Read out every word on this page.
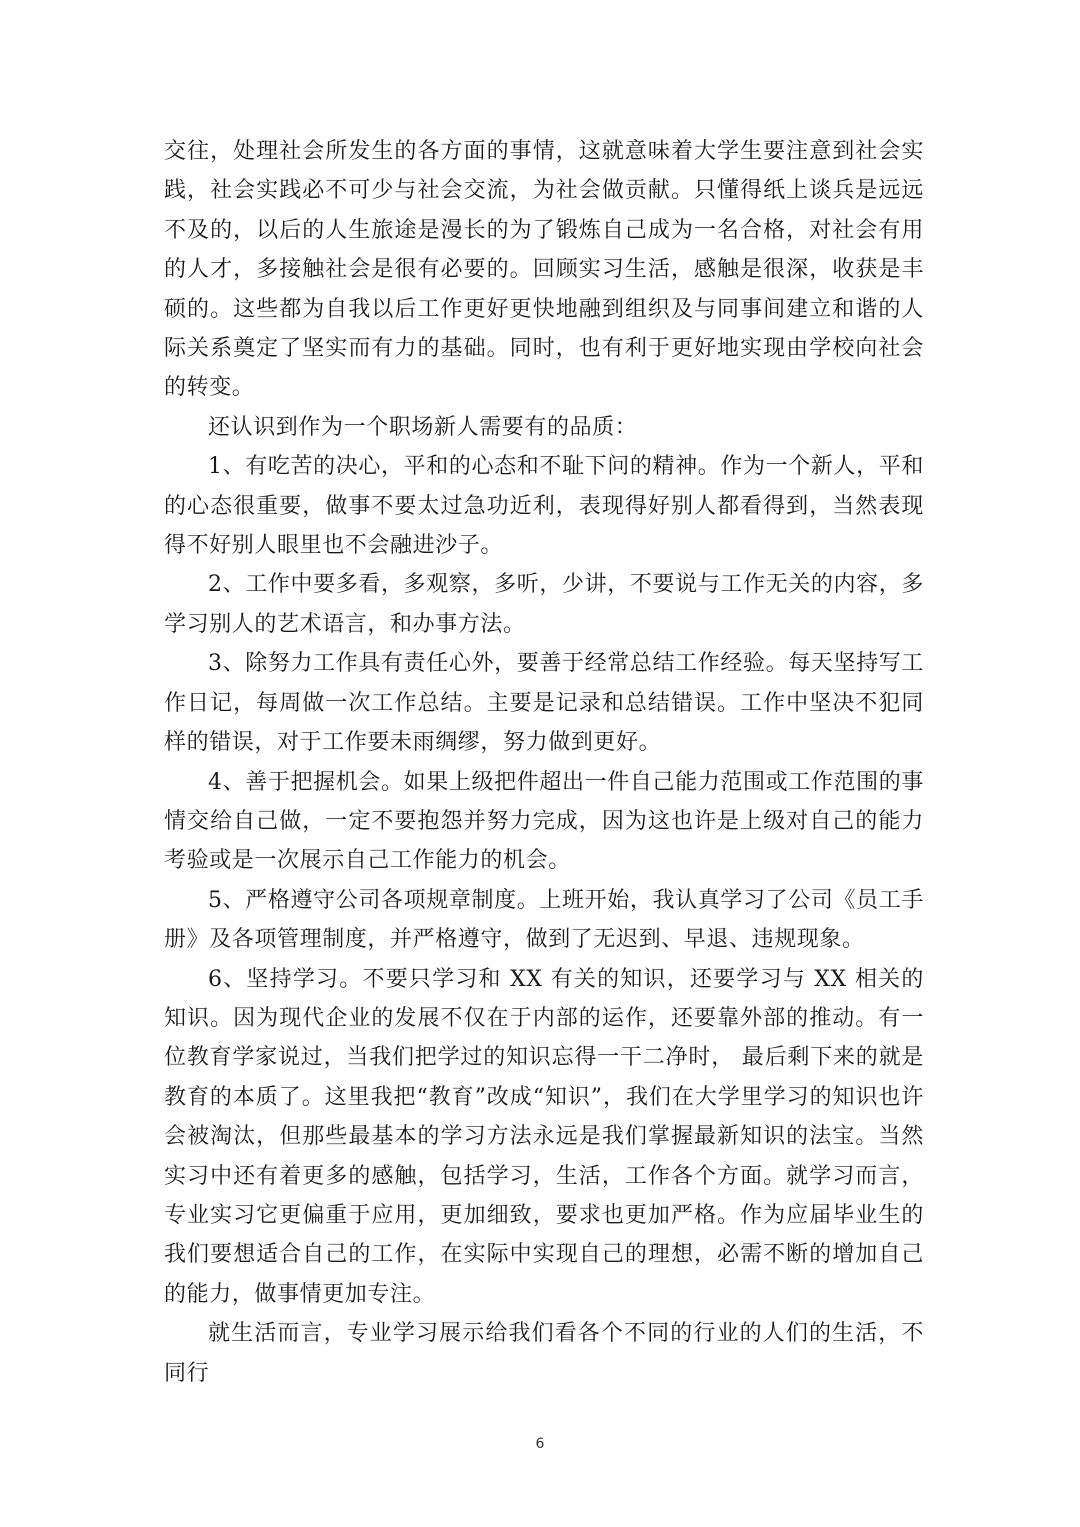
交往，处理社会所发生的各方面的事情，这就意味着大学生要注意到社会实践，社会实践必不可少与社会交流，为社会做贡献。只懂得纸上谈兵是远远不及的，以后的人生旅途是漫长的为了锻炼自己成为一名合格，对社会有用的人才，多接触社会是很有必要的。回顾实习生活，感触是很深，收获是丰硕的。这些都为自我以后工作更好更快地融到组织及与同事间建立和谐的人际关系奠定了坚实而有力的基础。同时，也有利于更好地实现由学校向社会的转变。

还认识到作为一个职场新人需要有的品质：

1、有吃苦的决心，平和的心态和不耻下问的精神。作为一个新人，平和的心态很重要，做事不要太过急功近利，表现得好别人都看得到，当然表现得不好别人眼里也不会融进沙子。

2、工作中要多看，多观察，多听，少讲，不要说与工作无关的内容，多学习别人的艺术语言，和办事方法。

3、除努力工作具有责任心外，要善于经常总结工作经验。每天坚持写工作日记，每周做一次工作总结。主要是记录和总结错误。工作中坚决不犯同样的错误，对于工作要未雨绸缪，努力做到更好。

4、善于把握机会。如果上级把件超出一件自己能力范围或工作范围的事情交给自己做，一定不要抱怨并努力完成，因为这也许是上级对自己的能力考验或是一次展示自己工作能力的机会。

5、严格遵守公司各项规章制度。上班开始，我认真学习了公司《员工手册》及各项管理制度，并严格遵守，做到了无迟到、早退、违规现象。

6、坚持学习。不要只学习和 XX 有关的知识，还要学习与 XX 相关的知识。因为现代企业的发展不仅在于内部的运作，还要靠外部的推动。有一位教育学家说过，当我们把学过的知识忘得一干二净时， 最后剩下来的就是教育的本质了。这里我把“教育”改成“知识”，我们在大学里学习的知识也许会被淘汰，但那些最基本的学习方法永远是我们掌握最新知识的法宝。当然实习中还有着更多的感触，包括学习，生活，工作各个方面。就学习而言，专业实习它更偏重于应用，更加细致，要求也更加严格。作为应届毕业生的我们要想适合自己的工作，在实际中实现自己的理想，必需不断的增加自己的能力，做事情更加专注。

就生活而言，专业学习展示给我们看各个不同的行业的人们的生活，不同行

6
